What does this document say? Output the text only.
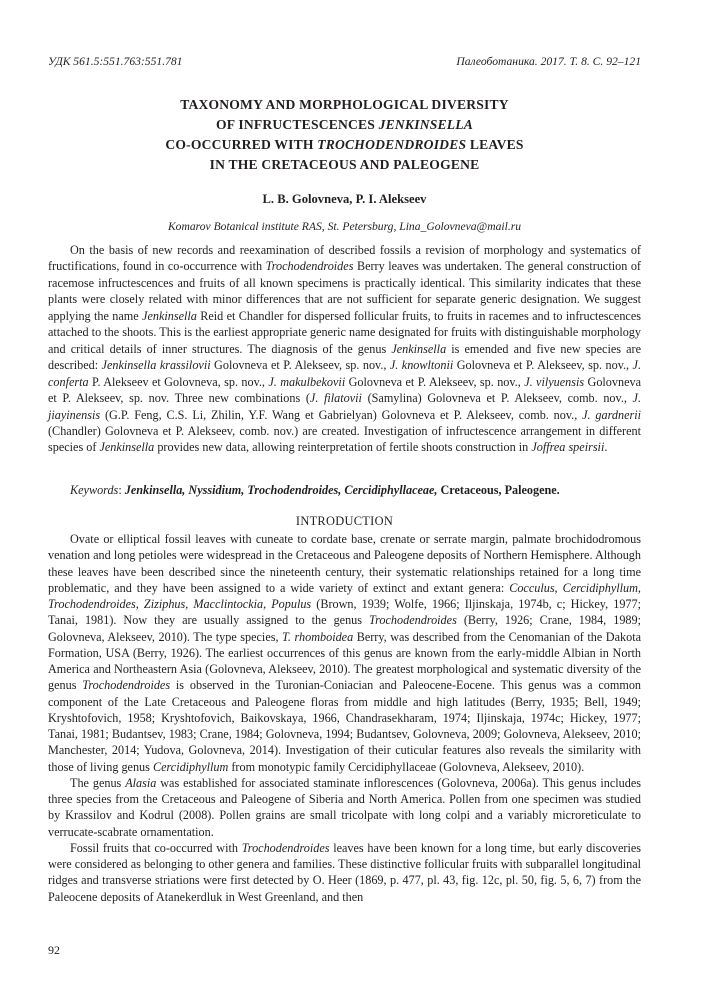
УДК 561.5:551.763:551.781	Палеоботаника. 2017. Т. 8. С. 92–121
TAXONOMY AND MORPHOLOGICAL DIVERSITY
OF INFRUCTESCENCES JENKINSELLA
CO-OCCURRED WITH TROCHODENDROIDES LEAVES
IN THE CRETACEOUS AND PALEOGENE
L. B. Golovneva, P. I. Alekseev
Komarov Botanical institute RAS, St. Petersburg, Lina_Golovneva@mail.ru

On the basis of new records and reexamination of described fossils a revision of morphology and systematics of fructifications, found in co-occurrence with Trochodendroides Berry leaves was undertaken. The general construction of racemose infructescences and fruits of all known specimens is practically identical. This similarity indicates that these plants were closely related with minor differences that are not sufficient for separate generic designation. We suggest applying the name Jenkinsella Reid et Chandler for dispersed follicular fruits, to fruits in racemes and to infructescences attached to the shoots. This is the earliest appropriate generic name designated for fruits with distinguishable morphology and critical details of inner structures. The diagnosis of the genus Jenkinsella is emended and five new species are described: Jenkinsella krassilovii Golovneva et P. Alekseev, sp. nov., J. knowltonii Golovneva et P. Alekseev, sp. nov., J. conferta P. Alekseev et Golovneva, sp. nov., J. makulbekovii Golovneva et P. Alekseev, sp. nov., J. vilyuensis Golovneva et P. Alekseev, sp. nov. Three new combinations (J. filatovii (Samylina) Golovneva et P. Alekseev, comb. nov., J. jiayinensis (G.P. Feng, C.S. Li, Zhilin, Y.F. Wang et Gabrielyan) Golovneva et P. Alekseev, comb. nov., J. gardnerii (Chandler) Golovneva et P. Alekseev, comb. nov.) are created. Investigation of infructescence arrangement in different species of Jenkinsella provides new data, allowing reinterpretation of fertile shoots construction in Joffrea speirsii.

Keywords: Jenkinsella, Nyssidium, Trochodendroides, Cercidiphyllaceae, Cretaceous, Paleogene.
INTRODUCTION

Ovate or elliptical fossil leaves with cuneate to cordate base, crenate or serrate margin, palmate brochidodromous venation and long petioles were widespread in the Cretaceous and Paleogene deposits of Northern Hemisphere. Although these leaves have been described since the nineteenth century, their systematic relationships retained for a long time problematic, and they have been assigned to a wide variety of extinct and extant genera: Cocculus, Cercidiphyllum, Trochodendroides, Ziziphus, Macclintockia, Populus (Brown, 1939; Wolfe, 1966; Iljinskaja, 1974b, c; Hickey, 1977; Tanai, 1981). Now they are usually assigned to the genus Trochodendroides (Berry, 1926; Crane, 1984, 1989; Golovneva, Alekseev, 2010). The type species, T. rhomboidea Berry, was described from the Cenomanian of the Dakota Formation, USA (Berry, 1926). The earliest occurrences of this genus are known from the early-middle Albian in North America and Northeastern Asia (Golovneva, Alekseev, 2010). The greatest morphological and systematic diversity of the genus Trochodendroides is observed in the Turonian-Coniacian and Paleocene-Eocene. This genus was a common component of the Late Cretaceous and Paleogene floras from middle and high latitudes (Berry, 1935; Bell, 1949; Kryshtofovich, 1958; Kryshtofovich, Baikovskaya, 1966, Chandrasekharam, 1974; Iljinskaja, 1974c; Hickey, 1977; Tanai, 1981; Budantsev, 1983; Crane, 1984; Golovneva, 1994; Budantsev, Golovneva, 2009; Golovneva, Alekseev, 2010; Manchester, 2014; Yudova, Golovneva, 2014). Investigation of their cuticular features also reveals the similarity with those of living genus Cercidiphyllum from monotypic family Cercidiphyllaceae (Golovneva, Alekseev, 2010).

The genus Alasia was established for associated staminate inflorescences (Golovneva, 2006a). This genus includes three species from the Cretaceous and Paleogene of Siberia and North America. Pollen from one specimen was studied by Krassilov and Kodrul (2008). Pollen grains are small tricolpate with long colpi and a variably microreticulate to verrucate-scabrate ornamentation.

Fossil fruits that co-occurred with Trochodendroides leaves have been known for a long time, but early discoveries were considered as belonging to other genera and families. These distinctive follicular fruits with subparallel longitudinal ridges and transverse striations were first detected by O. Heer (1869, p. 477, pl. 43, fig. 12c, pl. 50, fig. 5, 6, 7) from the Paleocene deposits of Atanekerdluk in West Greenland, and then

92
